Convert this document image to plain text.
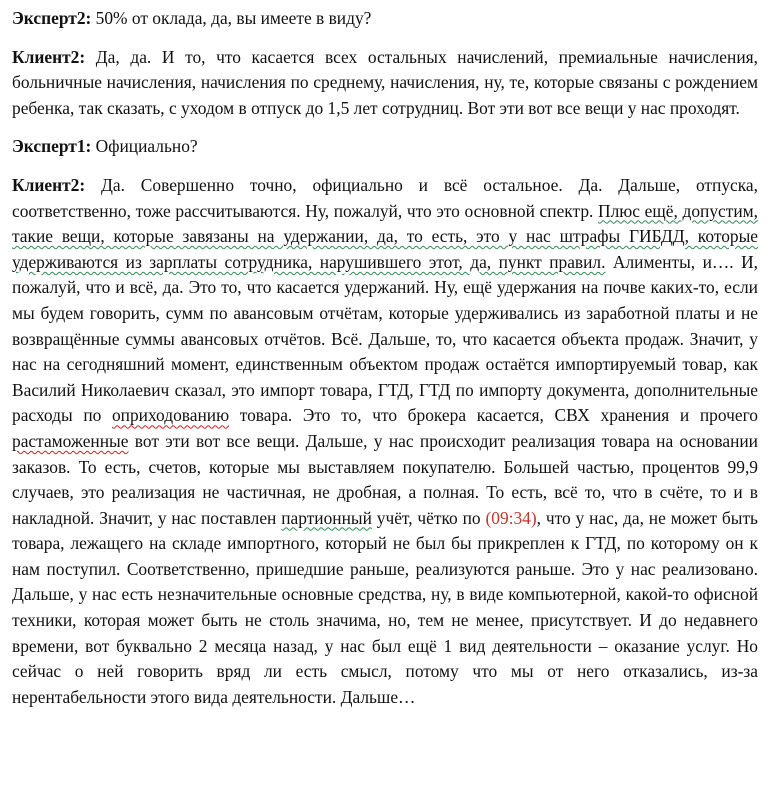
Эксперт2: 50% от оклада, да, вы имеете в виду?

Клиент2: Да, да. И то, что касается всех остальных начислений, премиальные начисления, больничные начисления, начисления по среднему, начисления, ну, те, которые связаны с рождением ребенка, так сказать, с уходом в отпуск до 1,5 лет сотрудниц. Вот эти вот все вещи у нас проходят.

Эксперт1: Официально?

Клиент2: Да. Совершенно точно, официально и всё остальное. Да. Дальше, отпуска, соответственно, тоже рассчитываются. Ну, пожалуй, что это основной спектр. Плюс ещё, допустим, такие вещи, которые завязаны на удержании, да, то есть, это у нас штрафы ГИБДД, которые удерживаются из зарплаты сотрудника, нарушившего этот, да, пункт правил. Алименты, и…. И, пожалуй, что и всё, да. Это то, что касается удержаний. Ну, ещё удержания на почве каких-то, если мы будем говорить, сумм по авансовым отчётам, которые удерживались из заработной платы и не возвращённые суммы авансовых отчётов. Всё. Дальше, то, что касается объекта продаж. Значит, у нас на сегодняшний момент, единственным объектом продаж остаётся импортируемый товар, как Василий Николаевич сказал, это импорт товара, ГТД, ГТД по импорту документа, дополнительные расходы по оприходованию товара. Это то, что брокера касается, СВХ хранения и прочего растаможенные вот эти вот все вещи. Дальше, у нас происходит реализация товара на основании заказов. То есть, счетов, которые мы выставляем покупателю. Большей частью, процентов 99,9 случаев, это реализация не частичная, не дробная, а полная. То есть, всё то, что в счёте, то и в накладной. Значит, у нас поставлен партионный учёт, чётко по (09:34), что у нас, да, не может быть товара, лежащего на складе импортного, который не был бы прикреплен к ГТД, по которому он к нам поступил. Соответственно, пришедшие раньше, реализуются раньше. Это у нас реализовано. Дальше, у нас есть незначительные основные средства, ну, в виде компьютерной, какой-то офисной техники, которая может быть не столь значима, но, тем не менее, присутствует. И до недавнего времени, вот буквально 2 месяца назад, у нас был ещё 1 вид деятельности – оказание услуг. Но сейчас о ней говорить вряд ли есть смысл, потому что мы от него отказались, из-за нерентабельности этого вида деятельности. Дальше…
